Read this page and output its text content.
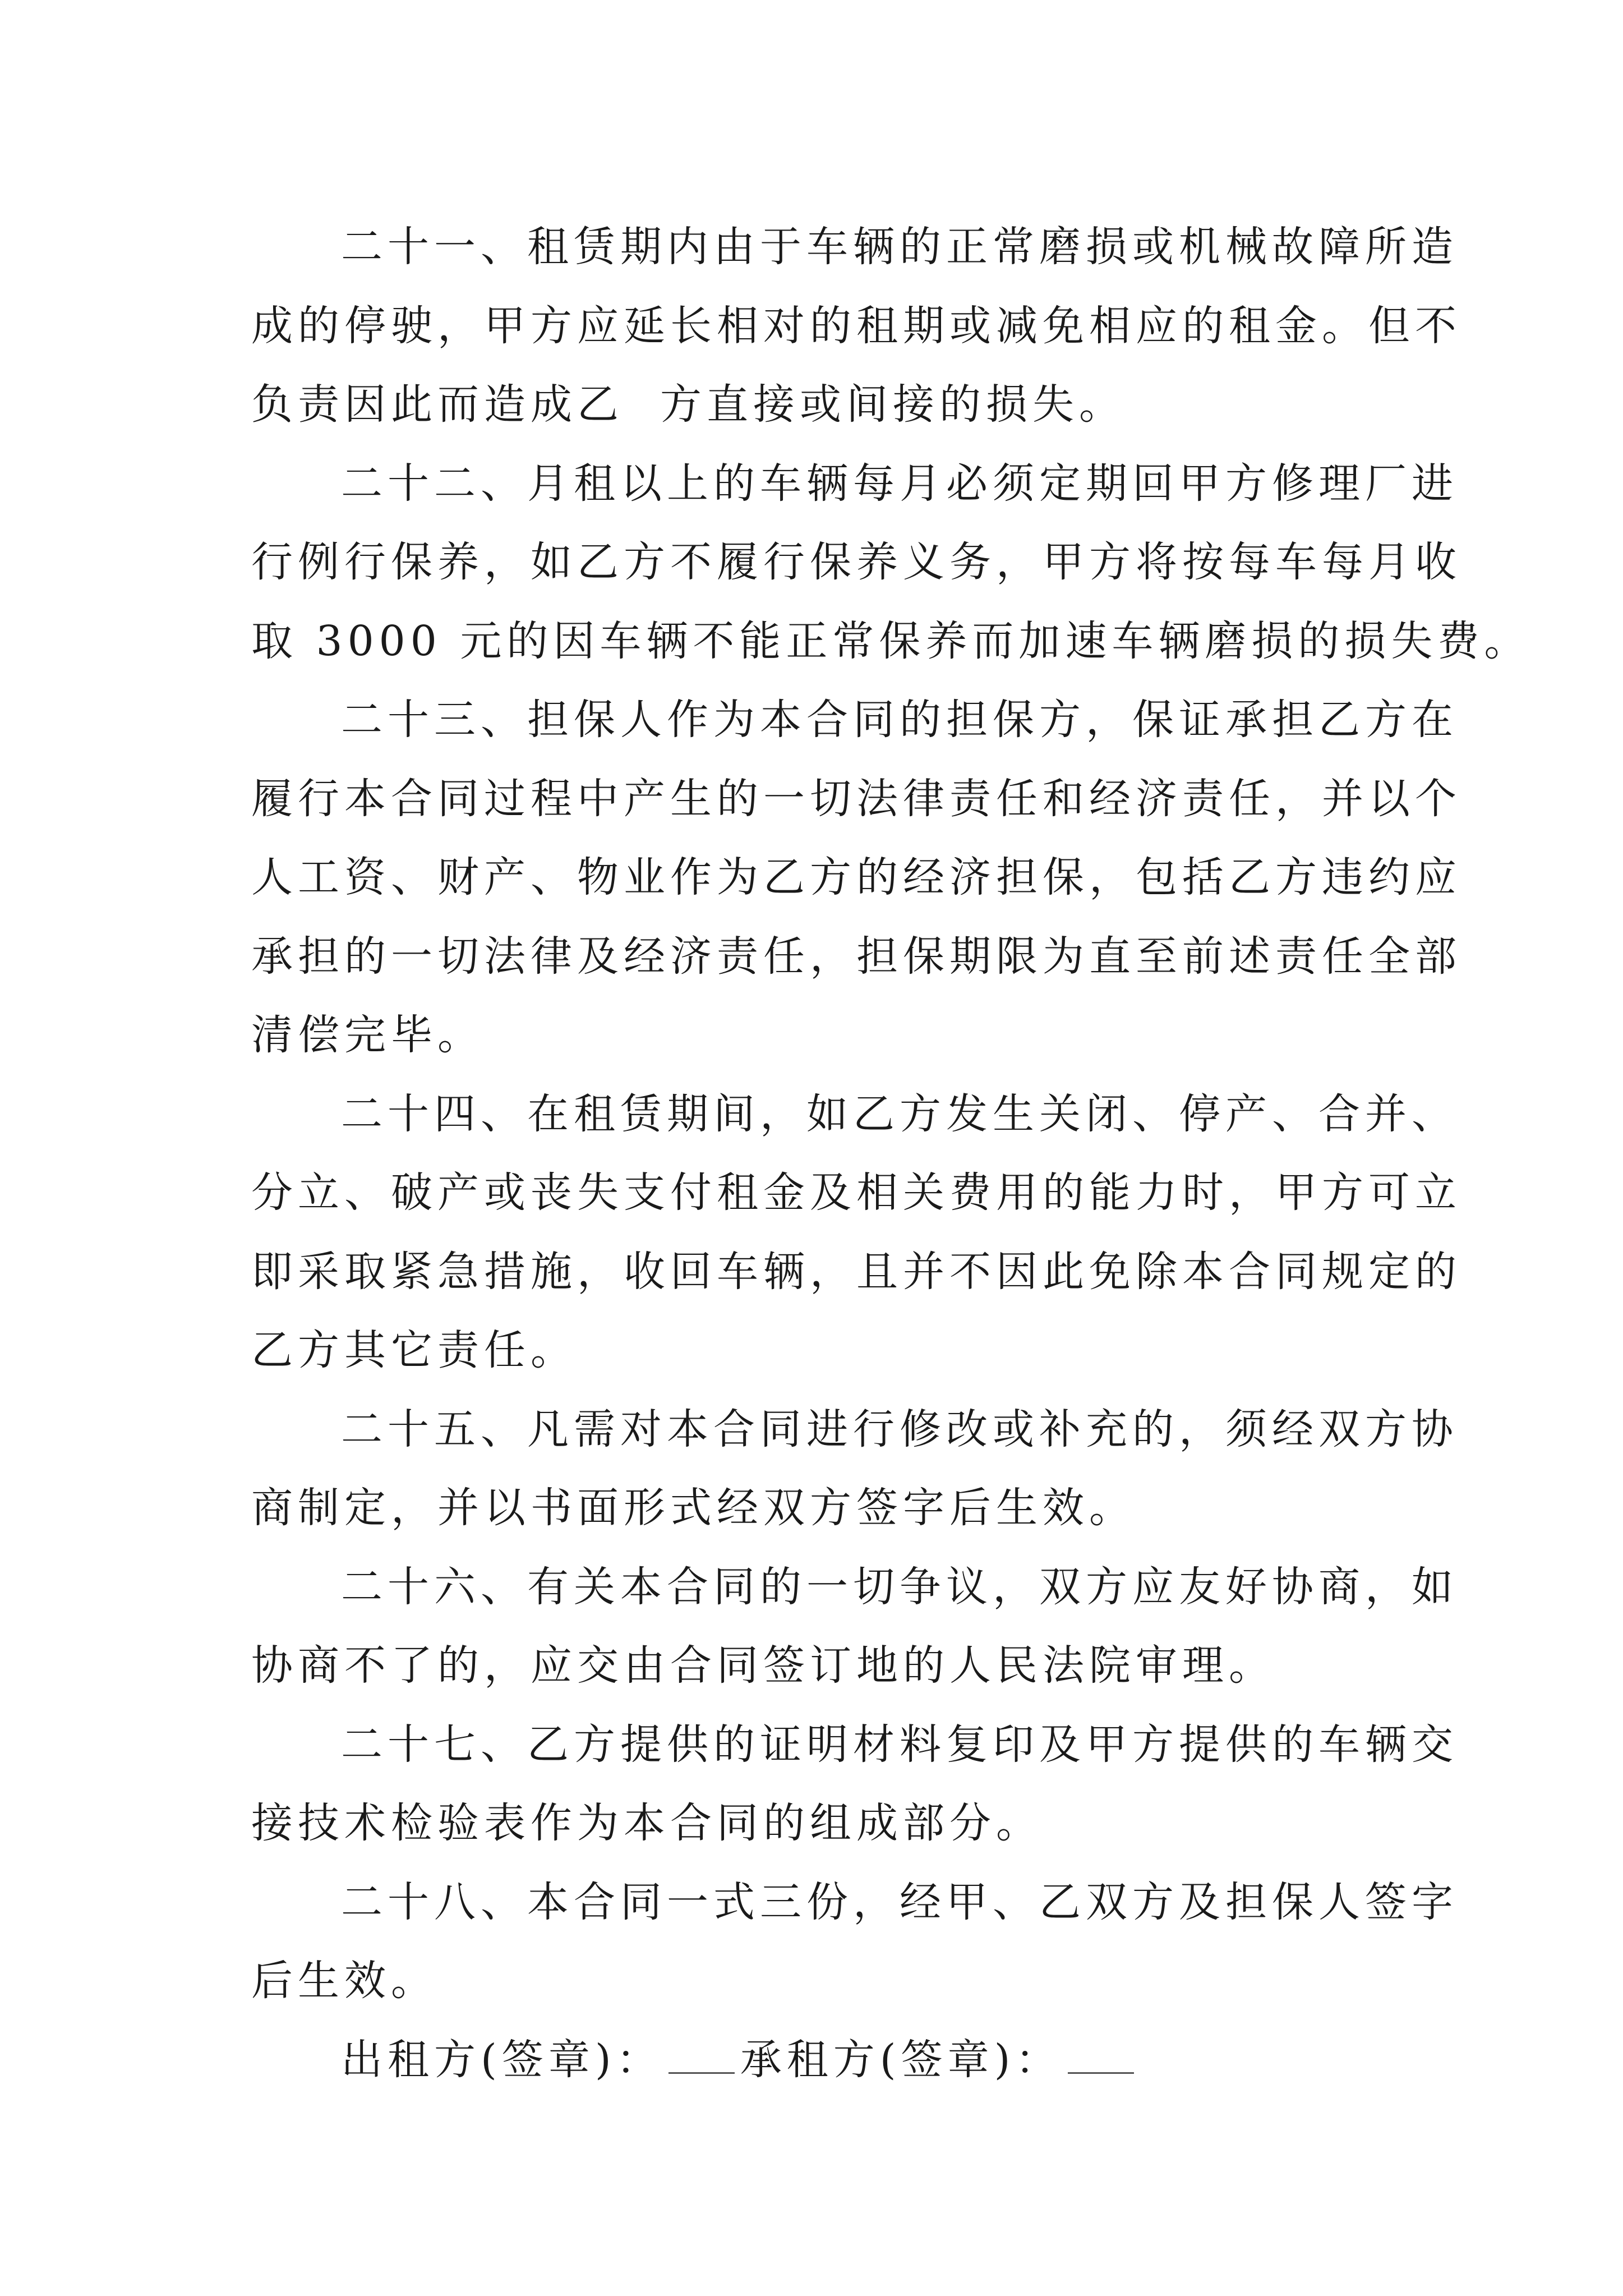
二十一、租赁期内由于车辆的正常磨损或机械故障所造
成的停驶，甲方应延长相对的租期或减免相应的租金。但不
负责因此而造成乙  方直接或间接的损失。
二十二、月租以上的车辆每月必须定期回甲方修理厂进
行例行保养，如乙方不履行保养义务，甲方将按每车每月收
取 3000 元的因车辆不能正常保养而加速车辆磨损的损失费。
二十三、担保人作为本合同的担保方，保证承担乙方在
履行本合同过程中产生的一切法律责任和经济责任，并以个
人工资、财产、物业作为乙方的经济担保，包括乙方违约应
承担的一切法律及经济责任，担保期限为直至前述责任全部
清偿完毕。
二十四、在租赁期间，如乙方发生关闭、停产、合并、
分立、破产或丧失支付租金及相关费用的能力时，甲方可立
即采取紧急措施，收回车辆，且并不因此免除本合同规定的
乙方其它责任。
二十五、凡需对本合同进行修改或补充的，须经双方协
商制定，并以书面形式经双方签字后生效。
二十六、有关本合同的一切争议，双方应友好协商，如
协商不了的，应交由合同签订地的人民法院审理。
二十七、乙方提供的证明材料复印及甲方提供的车辆交
接技术检验表作为本合同的组成部分。
二十八、本合同一式三份，经甲、乙双方及担保人签字
后生效。
出租方(签章)： 承租方(签章)：
